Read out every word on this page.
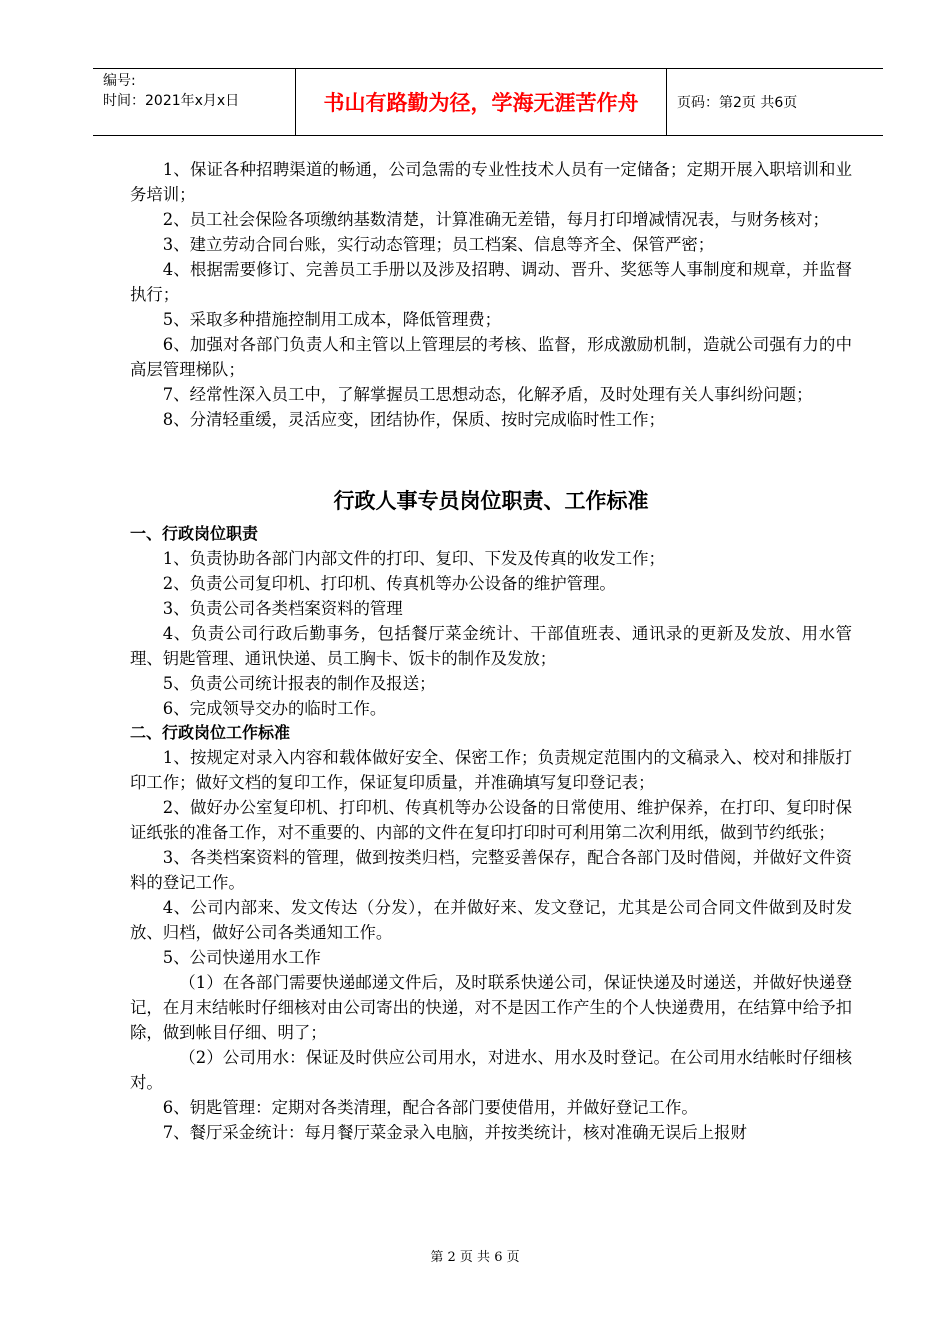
编号:
时间：2021年x月x日	书山有路勤为径，学海无涯苦作舟	页码：第2页 共6页

1、保证各种招聘渠道的畅通，公司急需的专业性技术人员有一定储备；定期开展入职培训和业务培训；

2、员工社会保险各项缴纳基数清楚，计算准确无差错，每月打印增减情况表，与财务核对；

3、建立劳动合同台账，实行动态管理；员工档案、信息等齐全、保管严密；

4、根据需要修订、完善员工手册以及涉及招聘、调动、晋升、奖惩等人事制度和规章，并监督执行；

5、采取多种措施控制用工成本，降低管理费；

6、加强对各部门负责人和主管以上管理层的考核、监督，形成激励机制，造就公司强有力的中高层管理梯队；

7、经常性深入员工中，了解掌握员工思想动态，化解矛盾，及时处理有关人事纠纷问题；

8、分清轻重缓，灵活应变，团结协作，保质、按时完成临时性工作；

行政人事专员岗位职责、工作标准

一、行政岗位职责

1、负责协助各部门内部文件的打印、复印、下发及传真的收发工作；

2、负责公司复印机、打印机、传真机等办公设备的维护管理。

3、负责公司各类档案资料的管理

4、负责公司行政后勤事务，包括餐厅菜金统计、干部值班表、通讯录的更新及发放、用水管理、钥匙管理、通讯快递、员工胸卡、饭卡的制作及发放；

5、负责公司统计报表的制作及报送；

6、完成领导交办的临时工作。

二、行政岗位工作标准

1、按规定对录入内容和载体做好安全、保密工作；负责规定范围内的文稿录入、校对和排版打印工作；做好文档的复印工作，保证复印质量，并准确填写复印登记表；

2、做好办公室复印机、打印机、传真机等办公设备的日常使用、维护保养，在打印、复印时保证纸张的准备工作，对不重要的、内部的文件在复印打印时可利用第二次利用纸，做到节约纸张；

3、各类档案资料的管理，做到按类归档，完整妥善保存，配合各部门及时借阅，并做好文件资料的登记工作。

4、公司内部来、发文传达（分发），在并做好来、发文登记，尤其是公司合同文件做到及时发放、归档，做好公司各类通知工作。

5、公司快递用水工作

（1）在各部门需要快递邮递文件后，及时联系快递公司，保证快递及时递送，并做好快递登记，在月末结帐时仔细核对由公司寄出的快递，对不是因工作产生的个人快递费用，在结算中给予扣除，做到帐目仔细、明了；

（2）公司用水：保证及时供应公司用水，对进水、用水及时登记。在公司用水结帐时仔细核对。

6、钥匙管理：定期对各类清理，配合各部门要使借用，并做好登记工作。

7、餐厅采金统计：每月餐厅菜金录入电脑，并按类统计，核对准确无误后上报财

第 2 页 共 6 页
